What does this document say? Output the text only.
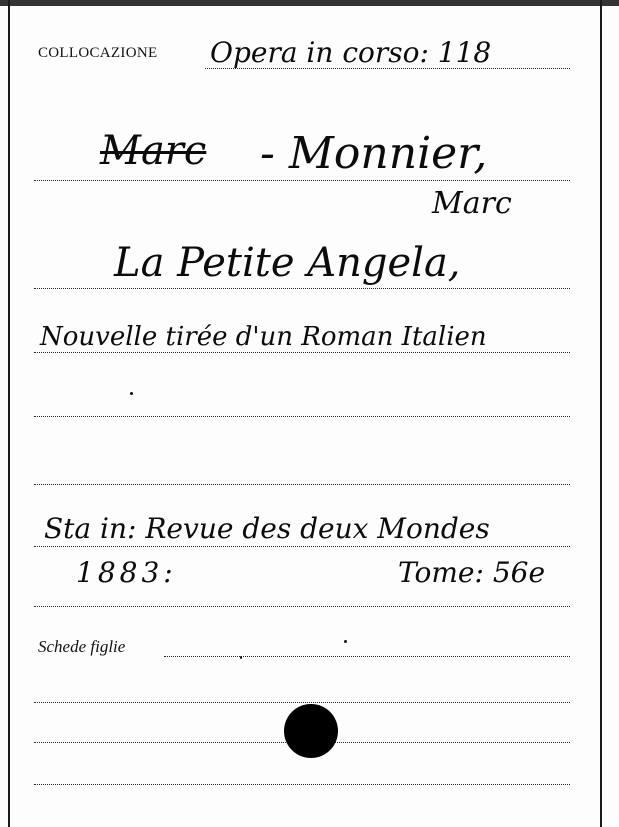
COLLOCAZIONE
Schede figlie
Opera in corso: 118
Marc - Monnier,
Marc
La Petite Angela,
Nouvelle tirée d'un Roman Italien
Sta in: Revue des deux Mondes
1883:	Tome: 56e
